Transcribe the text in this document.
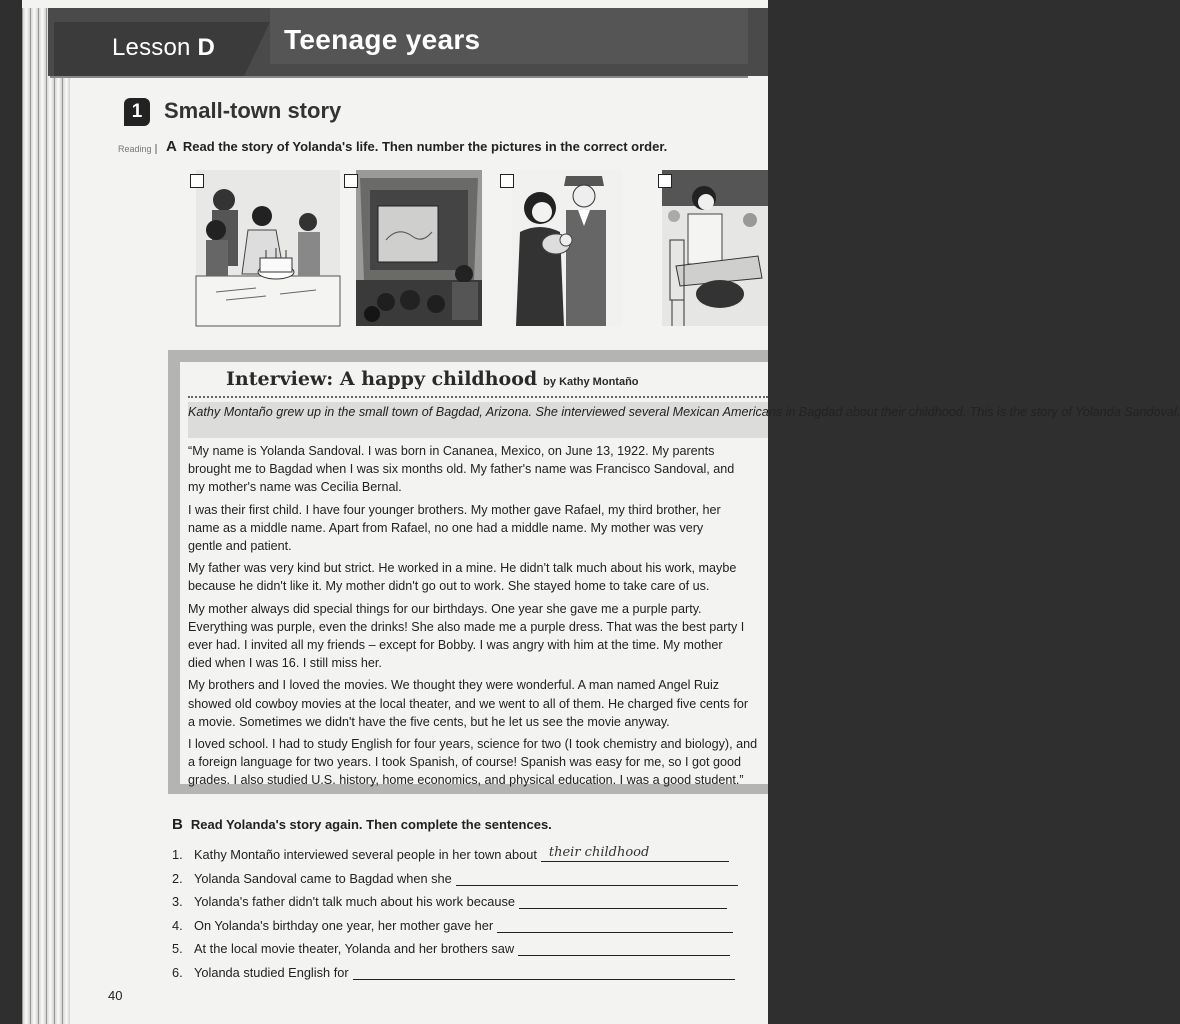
Lesson D Teenage years
1 Small-town story
Reading A Read the story of Yolanda's life. Then number the pictures in the correct order.
Interview: A happy childhood by Kathy Montaño

Kathy Montaño grew up in the small town of Bagdad, Arizona. She interviewed several Mexican Americans in Bagdad about their childhood. This is the story of Yolanda Sandoval.

“My name is Yolanda Sandoval. I was born in Cananea, Mexico, on June 13, 1922. My parents
brought me to Bagdad when I was six months old. My father's name was Francisco Sandoval, and
my mother's name was Cecilia Bernal.

I was their first child. I have four younger brothers. My mother gave Rafael, my third brother, her
name as a middle name. Apart from Rafael, no one had a middle name. My mother was very
gentle and patient.

My father was very kind but strict. He worked in a mine. He didn't talk much about his work, maybe
because he didn't like it. My mother didn't go out to work. She stayed home to take care of us.

My mother always did special things for our birthdays. One year she gave me a purple party.
Everything was purple, even the drinks! She also made me a purple dress. That was the best party I
ever had. I invited all my friends – except for Bobby. I was angry with him at the time. My mother
died when I was 16. I still miss her.

My brothers and I loved the movies. We thought they were wonderful. A man named Angel Ruiz
showed old cowboy movies at the local theater, and we went to all of them. He charged five cents for
a movie. Sometimes we didn't have the five cents, but he let us see the movie anyway.

I loved school. I had to study English for four years, science for two (I took chemistry and biology), and
a foreign language for two years. I took Spanish, of course! Spanish was easy for me, so I got good
grades. I also studied U.S. history, home economics, and physical education. I was a good student.”

B Read Yolanda's story again. Then complete the sentences.
1. Kathy Montaño interviewed several people in her town about their childhood
2. Yolanda Sandoval came to Bagdad when she
3. Yolanda's father didn't talk much about his work because
4. On Yolanda's birthday one year, her mother gave her
5. At the local movie theater, Yolanda and her brothers saw
6. Yolanda studied English for
40
